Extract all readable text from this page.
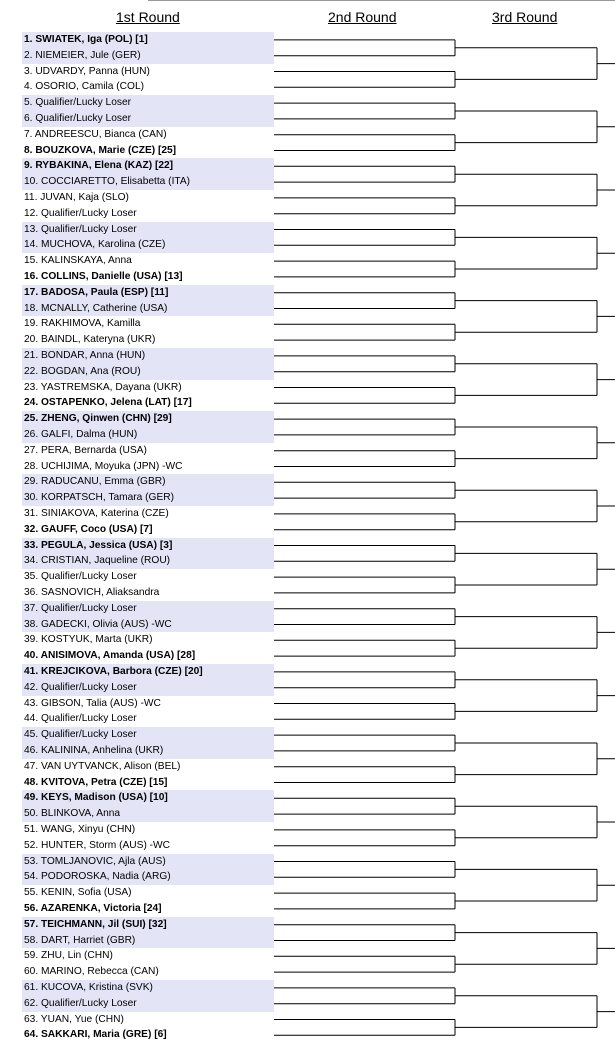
1st Round	2nd Round	3rd Round
1. SWIATEK, Iga (POL) [1]
2. NIEMEIER, Jule (GER)
3. UDVARDY, Panna (HUN)
4. OSORIO, Camila (COL)
5. Qualifier/Lucky Loser
6. Qualifier/Lucky Loser
7. ANDREESCU, Bianca (CAN)
8. BOUZKOVA, Marie (CZE) [25]
9. RYBAKINA, Elena (KAZ) [22]
10. COCCIARETTO, Elisabetta (ITA)
11. JUVAN, Kaja (SLO)
12. Qualifier/Lucky Loser
13. Qualifier/Lucky Loser
14. MUCHOVA, Karolina (CZE)
15. KALINSKAYA, Anna
16. COLLINS, Danielle (USA) [13]
17. BADOSA, Paula (ESP) [11]
18. MCNALLY, Catherine (USA)
19. RAKHIMOVA, Kamilla
20. BAINDL, Kateryna (UKR)
21. BONDAR, Anna (HUN)
22. BOGDAN, Ana (ROU)
23. YASTREMSKA, Dayana (UKR)
24. OSTAPENKO, Jelena (LAT) [17]
25. ZHENG, Qinwen (CHN) [29]
26. GALFI, Dalma (HUN)
27. PERA, Bernarda (USA)
28. UCHIJIMA, Moyuka (JPN) -WC
29. RADUCANU, Emma (GBR)
30. KORPATSCH, Tamara (GER)
31. SINIAKOVA, Katerina (CZE)
32. GAUFF, Coco (USA) [7]
33. PEGULA, Jessica (USA) [3]
34. CRISTIAN, Jaqueline (ROU)
35. Qualifier/Lucky Loser
36. SASNOVICH, Aliaksandra
37. Qualifier/Lucky Loser
38. GADECKI, Olivia (AUS) -WC
39. KOSTYUK, Marta (UKR)
40. ANISIMOVA, Amanda (USA) [28]
41. KREJCIKOVA, Barbora (CZE) [20]
42. Qualifier/Lucky Loser
43. GIBSON, Talia (AUS) -WC
44. Qualifier/Lucky Loser
45. Qualifier/Lucky Loser
46. KALININA, Anhelina (UKR)
47. VAN UYTVANCK, Alison (BEL)
48. KVITOVA, Petra (CZE) [15]
49. KEYS, Madison (USA) [10]
50. BLINKOVA, Anna
51. WANG, Xinyu (CHN)
52. HUNTER, Storm (AUS) -WC
53. TOMLJANOVIC, Ajla (AUS)
54. PODOROSKA, Nadia (ARG)
55. KENIN, Sofia (USA)
56. AZARENKA, Victoria [24]
57. TEICHMANN, Jil (SUI) [32]
58. DART, Harriet (GBR)
59. ZHU, Lin (CHN)
60. MARINO, Rebecca (CAN)
61. KUCOVA, Kristina (SVK)
62. Qualifier/Lucky Loser
63. YUAN, Yue (CHN)
64. SAKKARI, Maria (GRE) [6]
